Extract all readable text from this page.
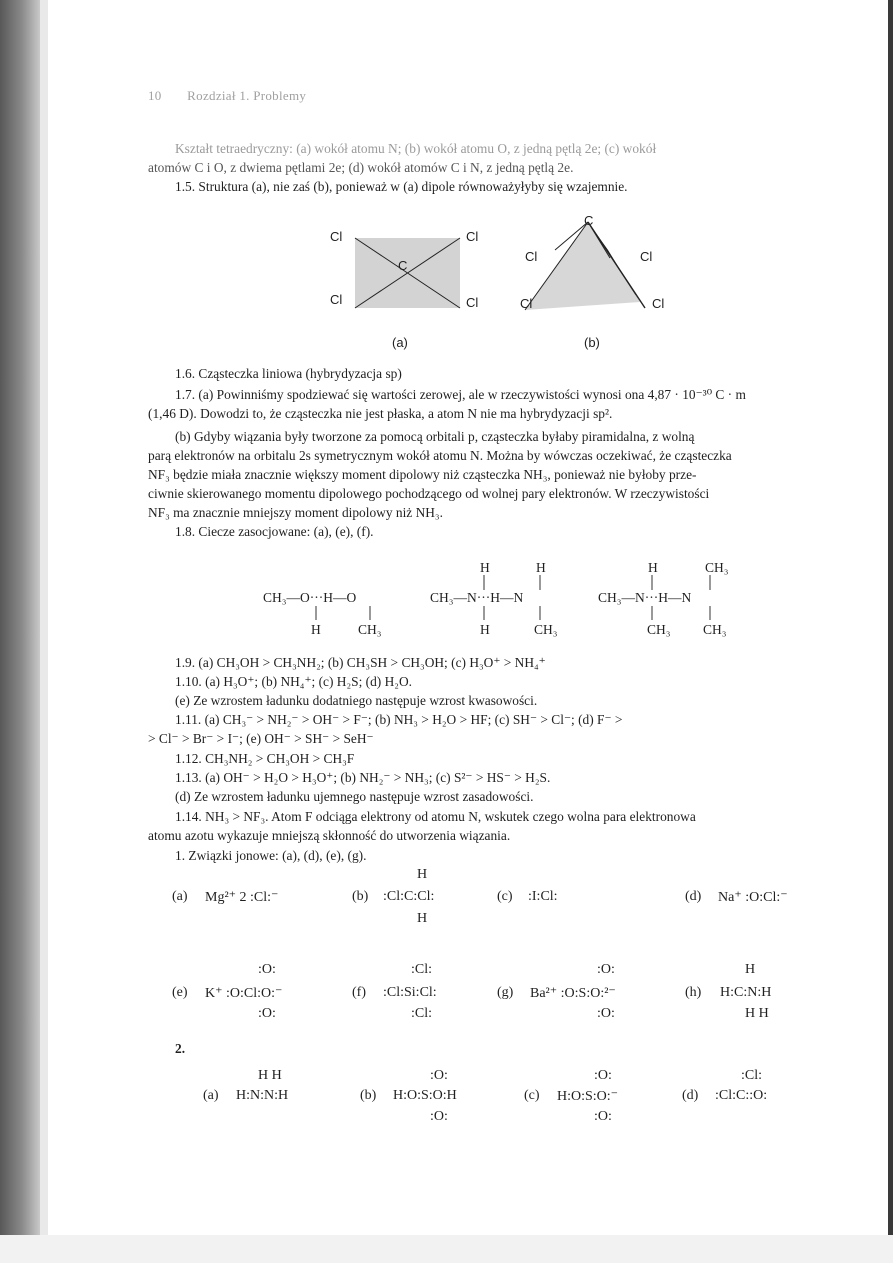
10 Rozdział 1. Problemy
Kształt tetraedryczny: (a) wokół atomu N; (b) wokół atomu O, z jedną pętlą 2e; (c) wokół
atomów C i O, z dwiema pętlami 2e; (d) wokół atomów C i N, z jedną pętlą 2e.
1.5. Struktura (a), nie zaś (b), ponieważ w (a) dipole równoważyłyby się wzajemnie.
Cl	Cl
C
Cl	Cl
C
Cl	Cl
Cl	Cl
(a)	(b)
1.6. Cząsteczka liniowa (hybrydyzacja sp)
1.7. (a) Powinniśmy spodziewać się wartości zerowej, ale w rzeczywistości wynosi ona 4,87 · 10⁻³⁰ C · m
(1,46 D). Dowodzi to, że cząsteczka nie jest płaska, a atom N nie ma hybrydyzacji sp².
(b) Gdyby wiązania były tworzone za pomocą orbitali p, cząsteczka byłaby piramidalna, z wolną
parą elektronów na orbitalu 2s symetrycznym wokół atomu N. Można by wówczas oczekiwać, że cząsteczka
NF₃ będzie miała znacznie większy moment dipolowy niż cząsteczka NH₃, ponieważ nie byłoby prze-
ciwnie skierowanego momentu dipolowego pochodzącego od wolnej pary elektronów. W rzeczywistości
NF₃ ma znacznie mniejszy moment dipolowy niż NH₃.
1.8. Ciecze zasocjowane: (a), (e), (f).
CH₃—O···H—O
H	CH₃
H	H
CH₃—N···H—N
H	CH₃
H	CH₃
CH₃—N···H—N
CH₃ CH₃
1.9. (a) CH₃OH > CH₃NH₂; (b) CH₃SH > CH₃OH; (c) H₃O⁺ > NH₄⁺
1.10. (a) H₃O⁺; (b) NH₄⁺; (c) H₂S; (d) H₂O.
(e) Ze wzrostem ładunku dodatniego następuje wzrost kwasowości.
1.11. (a) CH₃⁻ > NH₂⁻ > OH⁻ > F⁻; (b) NH₃ > H₂O > HF; (c) SH⁻ > Cl⁻; (d) F⁻ >
> Cl⁻ > Br⁻ > I⁻; (e) OH⁻ > SH⁻ > SeH⁻
1.12. CH₃NH₂ > CH₃OH > CH₃F
1.13. (a) OH⁻ > H₂O > H₃O⁺; (b) NH₂⁻ > NH₃; (c) S²⁻ > HS⁻ > H₂S.
(d) Ze wzrostem ładunku ujemnego następuje wzrost zasadowości.
1.14. NH₃ > NF₃. Atom F odciąga elektrony od atomu N, wskutek czego wolna para elektronowa
atomu azotu wykazuje mniejszą skłonność do utworzenia wiązania.
1. Związki jonowe: (a), (d), (e), (g).
(a) Mg²⁺ 2 :Cl:⁻	(b)
H
:Cl:C:Cl:
H
(c) :I:Cl:	(d) Na⁺ :O:Cl:⁻
:O:
(e) K⁺ :O:Cl:O:⁻
:O:
:Cl:
(f) :Cl:Si:Cl:
:Cl:
:O:
(g) Ba²⁺ :O:S:O:²⁻
:O:
H
(h) H:C:N:H
H H
2.
H H
(a) H:N:N:H
:O:
(b) H:O:S:O:H
:O:
:O:
(c) H:O:S:O:⁻
:O:
:Cl:
(d) :Cl:C::O:
